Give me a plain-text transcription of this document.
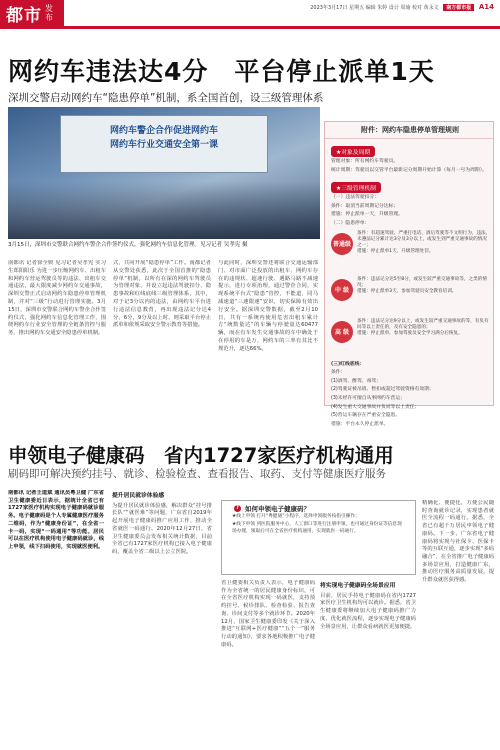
都市 发布
2023年3月17日 星期五 编辑 朱婷 设计 周瑜 校对 黄永文 南方都市报 A14
网约车违法达4分　平台停止派单1天
深圳交警启动网约车“隐患停单”机制，系全国首创，设三级管理体系
网约车警企合作促进网约车
网约车行业交通安全第一课
3月15日，深圳市交警联合网约车警企合作签约仪式，强化网约车信息化管理。见习记者 吴孝宪 摄
附件：网约车隐患停单管理规则
★对象及周期
管理对象：所有网约车驾驶员。
统计周期：驾驶员以交管平台最新记分周期开始计算（每月一号为周期）。
★三级管理机制
（一）违法驾驶扣分：
条件：取消当前周期记分达标；
措施：停止派单一天，升级管理。
（二）隐患停单：
普通级
条件：有超速驾驶、严重打电话、酒后驾驶等不文明行为，违法、未遵法记分累计达3分及3分以上，或发生到严重交通事故的情况之一；
措施：停止派单1天，升级管理处罚。
中 级
条件：违法记分达5至8分，或发生较严重交通事故等，之类的情况；
措施：停止派单3天，参加驾驶员安全教育培训。
高 级
条件：违法记分达9分以上，或发生较严重交通事故的等，有负有同等以上责任的，及有安全隐患的；
措施：停止派单，参加驾驶员安全学习满分后恢复。
(三)红线底线：
条件：
(1)酒驾、醉驾、毒驾；
(2)驾驶证被吊销、暂扣或超过驾驶资格有效期；
(3)未经许可擅自从事网约车营运；
(4)发生重大交通事故并负同等以上责任；
(5)营运车辆存在严重安全隐患。
措施：平台永久停止派单。
南都讯 记者徐全媛 见习记者吴孝宪 实习生郑阳阳乐 为进一步压缩网约车、出租车和网约车营运驾驶员等的违法、出租车交通违法，最大限度减少网约车交通事故，深圳交警正式启动网约车隐患停单管理机制，并对“三级”行动进行管理实施。3月15日，深圳市交警联合网约车警企合作签约仪式，强化网约车信息化管理工作，围绕网约车行业安全管理的全链条管控与服务，推出网约车交通安全隐患停单机制。
式，共同开展“隐患停单”工作。南都记者从交警处获悉，此次于全国首推的“隐患停单”机制，以所有在深的网约车驾驶员为管理对象，并设立起违法驾驶扣分、隐患事故和红线底线三级管理体系，其中，对于记3分以内的违法，由网约车平台进行违法信息教育，再出现违法记分达4分，6分，9分及以上时，则采取平台停止派单和依规采取安全警示教育等措施。
与此同时，深圳交警还将联合交通运输部门、对市面广泛投放的出租车、网约车存在的违规状、超速行驶、遇路马路不减速提示，进行专项治理，通过警企合同，实现系统平台式“隐患”管控，不能道，同马减速道“三速限速”安识，切实保障有效出行安全。据深圳交警数据，截至2月10日，共有一系统内使用危害出租车累计方“统数量达”的车辆与停驶量达60477辆，而在有车发生交通事故的车中确处于在停用的车是万，网约车的三率有其比不规范升，逐达66%。
申领电子健康码　省内1727家医疗机构通用
刷码即可解决预约挂号、就诊、检验检查、查看报告、取药、支付等健康医疗服务
南都讯 记者王道斌 通讯员粤卫健 广东省卫生健康委近日表示，据统计全省已有1727家医疗机构实现电子健康码就诊服务。电子健康码是个人专属健康医疗服务二维码，作为“健康身份证”，在全省一卡一码，实现“一码通用”等功能。居民可以在医疗机构使用电子健康码就诊，线上申领，线下扫码使用，实现就医便利。
提升居民就诊体验感
为提升居民就诊体验感，解决群众“挂号排长队”“就医难”等问题，广东省自2019年起开展电子健康码推广应用工作，推动全省就医一码通行。2020年12月27日，省卫生健康委员会发布相关统计数据，目前全省已有1727家医疗机构已接入电子健康码，覆盖全省二级以上公立医院。
? 如何申领电子健康码？
★线上申领 打开“粤健通”小程序，选择申领服务按指引操作；
★线下申领 到医院服务中心、人工窗口等进行注册申领，也可通过身份证等信息现场办理，领取后可在全省医疗机构通用，实现就医一码通行。
省卫健委相关负责人表示，电子健康码作为全省统一的居民健康身份标识，可在全省医疗机构实现一码就医，支持预约挂号、候诊排队、检查检验、报告查询、诊间支付等多个就诊环节。2020年12月，国家卫生健康委印发《关于深入推进“互联网+医疗健康”“五个一”服务行动的通知》，要求各地积极推广电子健康码。
将实现电子健康码全场景应用
目前，居民手持电子健康码在省内1727家医疗卫生机构均可以就诊。据悉，省卫生健康委将继续加大电子健康码推广力度，优化就医流程，逐步实现电子健康码全场景应用，让群众看病就医更加便捷。
精确化、便捷化，方便公民随时查询就诊记录，实现患者就医全流程一码通行。据悉，全省已有超千万居民申领电子健康码。下一步，广东省电子健康码将实现与社保卡、医保卡等的互联互通，逐步实现“多码融合”，在全省推广电子健康码多场景应用，打造健康广东，推动医疗服务高质量发展，提升群众就医获得感。
